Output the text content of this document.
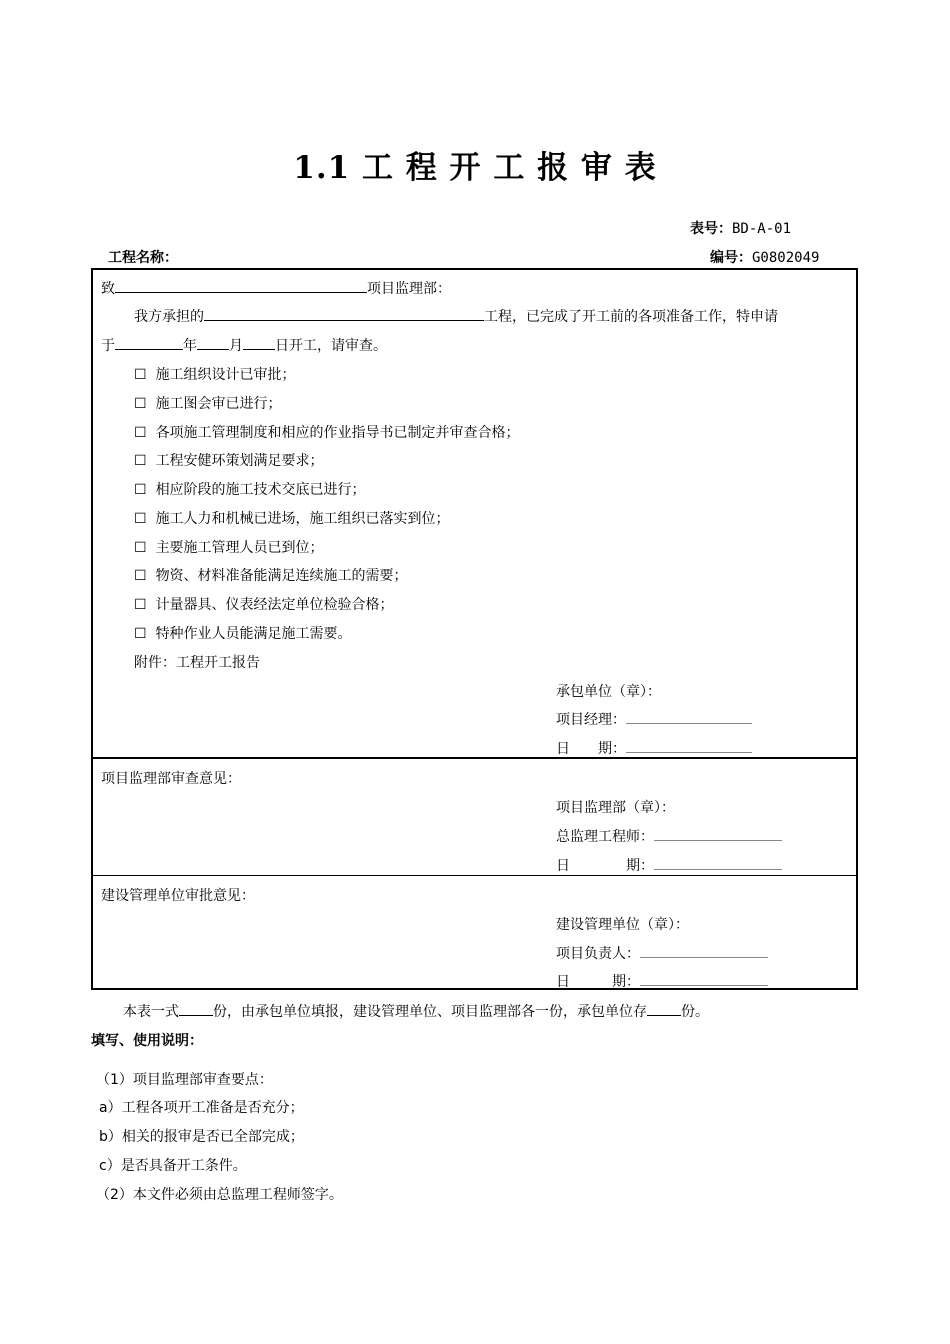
1.1 工 程 开 工 报 审 表
表号：BD-A-01
工程名称：	编号：G0802049
致	项目监理部：
我方承担的	工程，已完成了开工前的各项准备工作，特申请
于	年 月 日开工，请审查。
☐ 施工组织设计已审批；
☐ 施工图会审已进行；
☐ 各项施工管理制度和相应的作业指导书已制定并审查合格；
☐ 工程安健环策划满足要求；
☐ 相应阶段的施工技术交底已进行；
☐ 施工人力和机械已进场，施工组织已落实到位；
☐ 主要施工管理人员已到位；
☐ 物资、材料准备能满足连续施工的需要；
☐ 计量器具、仪表经法定单位检验合格；
☐ 特种作业人员能满足施工需要。
附件：工程开工报告
承包单位（章）：
项目经理：
日　　期：
项目监理部审查意见：
项目监理部（章）：
总监理工程师：
日　　　　期：
建设管理单位审批意见：
建设管理单位（章）：
项目负责人：
日　　　期：
本表一式 份，由承包单位填报，建设管理单位、项目监理部各一份，承包单位存 份。
填写、使用说明：
（1）项目监理部审查要点：
a）工程各项开工准备是否充分；
b）相关的报审是否已全部完成；
c）是否具备开工条件。
（2）本文件必须由总监理工程师签字。
